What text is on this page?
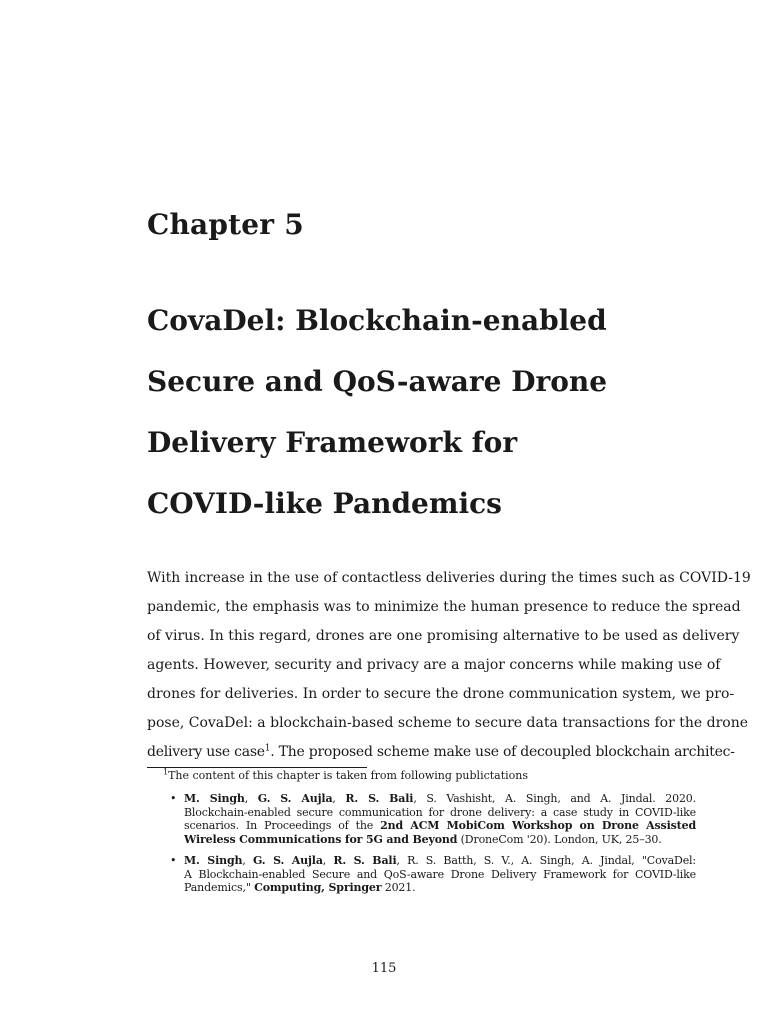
Chapter 5
CovaDel: Blockchain-enabled
Secure and QoS-aware Drone
Delivery Framework for
COVID-like Pandemics

With increase in the use of contactless deliveries during the times such as COVID-19
pandemic, the emphasis was to minimize the human presence to reduce the spread
of virus. In this regard, drones are one promising alternative to be used as delivery
agents. However, security and privacy are a major concerns while making use of
drones for deliveries. In order to secure the drone communication system, we pro-
pose, CovaDel: a blockchain-based scheme to secure data transactions for the drone
delivery use case$^1$. The proposed scheme make use of decoupled blockchain architec-

$^1$The content of this chapter is taken from following publictations
• M. Singh, G. S. Aujla, R. S. Bali, S. Vashisht, A. Singh, and A. Jindal. 2020.
Blockchain-enabled secure communication for drone delivery: a case study in COVID-like
scenarios. In Proceedings of the 2nd ACM MobiCom Workshop on Drone Assisted
Wireless Communications for 5G and Beyond (DroneCom '20). London, UK, 25–30.
• M. Singh, G. S. Aujla, R. S. Bali, R. S. Batth, S. V., A. Singh, A. Jindal, "CovaDel:
A Blockchain-enabled Secure and QoS-aware Drone Delivery Framework for COVID-like
Pandemics," Computing, Springer 2021.
115
